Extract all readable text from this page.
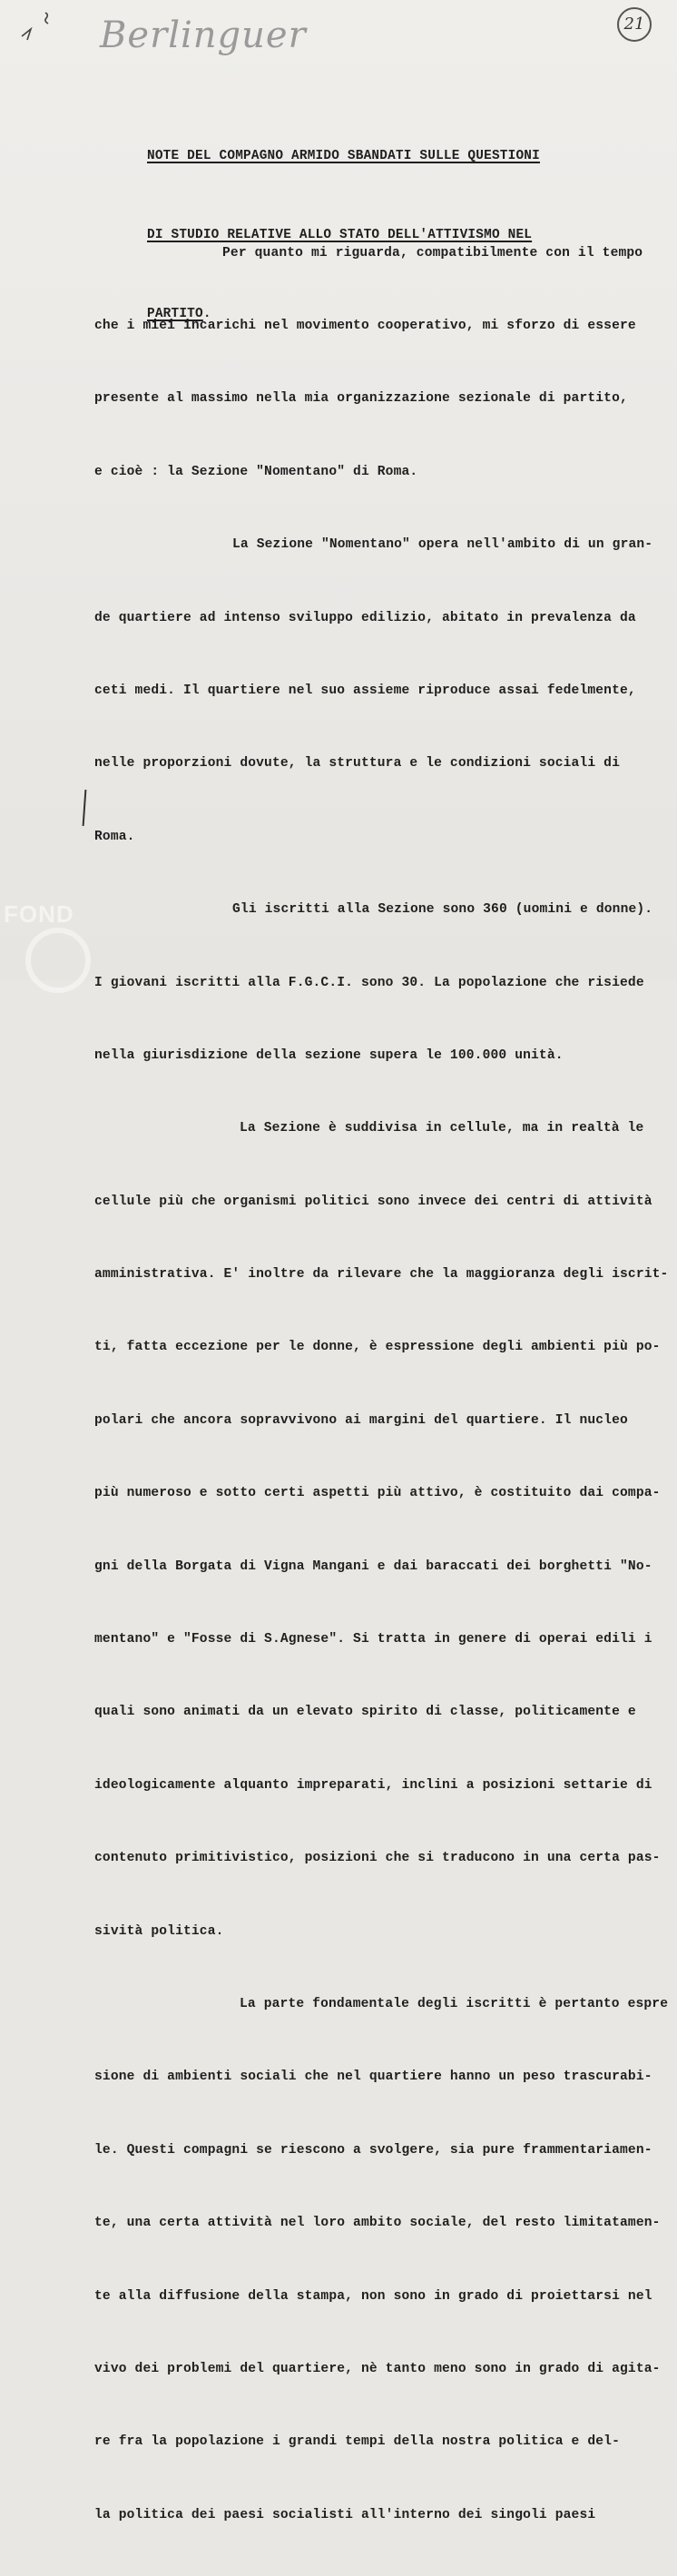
Berlinguer	21

NOTE DEL COMPAGNO ARMIDO SBANDATI SULLE QUESTIONI

DI STUDIO RELATIVE ALLO STATO DELL'ATTIVISMO NEL

PARTITO.

Per quanto mi riguarda, compatibilmente con il tempo

che i miei incarichi nel movimento cooperativo, mi sforzo di essere

presente al massimo nella mia organizzazione sezionale di partito,

e cioè : la Sezione "Nomentano" di Roma.

La Sezione "Nomentano" opera nell'ambito di un gran-

de quartiere ad intenso sviluppo edilizio, abitato in prevalenza da

ceti medi. Il quartiere nel suo assieme riproduce assai fedelmente,

nelle proporzioni dovute, la struttura e le condizioni sociali di

Roma.

Gli iscritti alla Sezione sono 360 (uomini e donne).

I giovani iscritti alla F.G.C.I. sono 30. La popolazione che risiede

nella giurisdizione della sezione supera le 100.000 unità.

La Sezione è suddivisa in cellule, ma in realtà le

cellule più che organismi politici sono invece dei centri di attività

amministrativa. E' inoltre da rilevare che la maggioranza degli iscrit-

ti, fatta eccezione per le donne, è espressione degli ambienti più po-

polari che ancora sopravvivono ai margini del quartiere. Il nucleo

più numeroso e sotto certi aspetti più attivo, è costituito dai compa-

gni della Borgata di Vigna Mangani e dai baraccati dei borghetti "No-

mentano" e "Fosse di S.Agnese". Si tratta in genere di operai edili i

quali sono animati da un elevato spirito di classe, politicamente e

ideologicamente alquanto impreparati, inclini a posizioni settarie di

contenuto primitivistico, posizioni che si traducono in una certa pas-

sività politica.

La parte fondamentale degli iscritti è pertanto espre

sione di ambienti sociali che nel quartiere hanno un peso trascurabi-

le. Questi compagni se riescono a svolgere, sia pure frammentariamen-

te, una certa attività nel loro ambito sociale, del resto limitatamen-

te alla diffusione della stampa, non sono in grado di proiettarsi nel

vivo dei problemi del quartiere, nè tanto meno sono in grado di agita-

re fra la popolazione i grandi tempi della nostra politica e del-

la politica dei paesi socialisti all'interno dei singoli paesi

FOND
